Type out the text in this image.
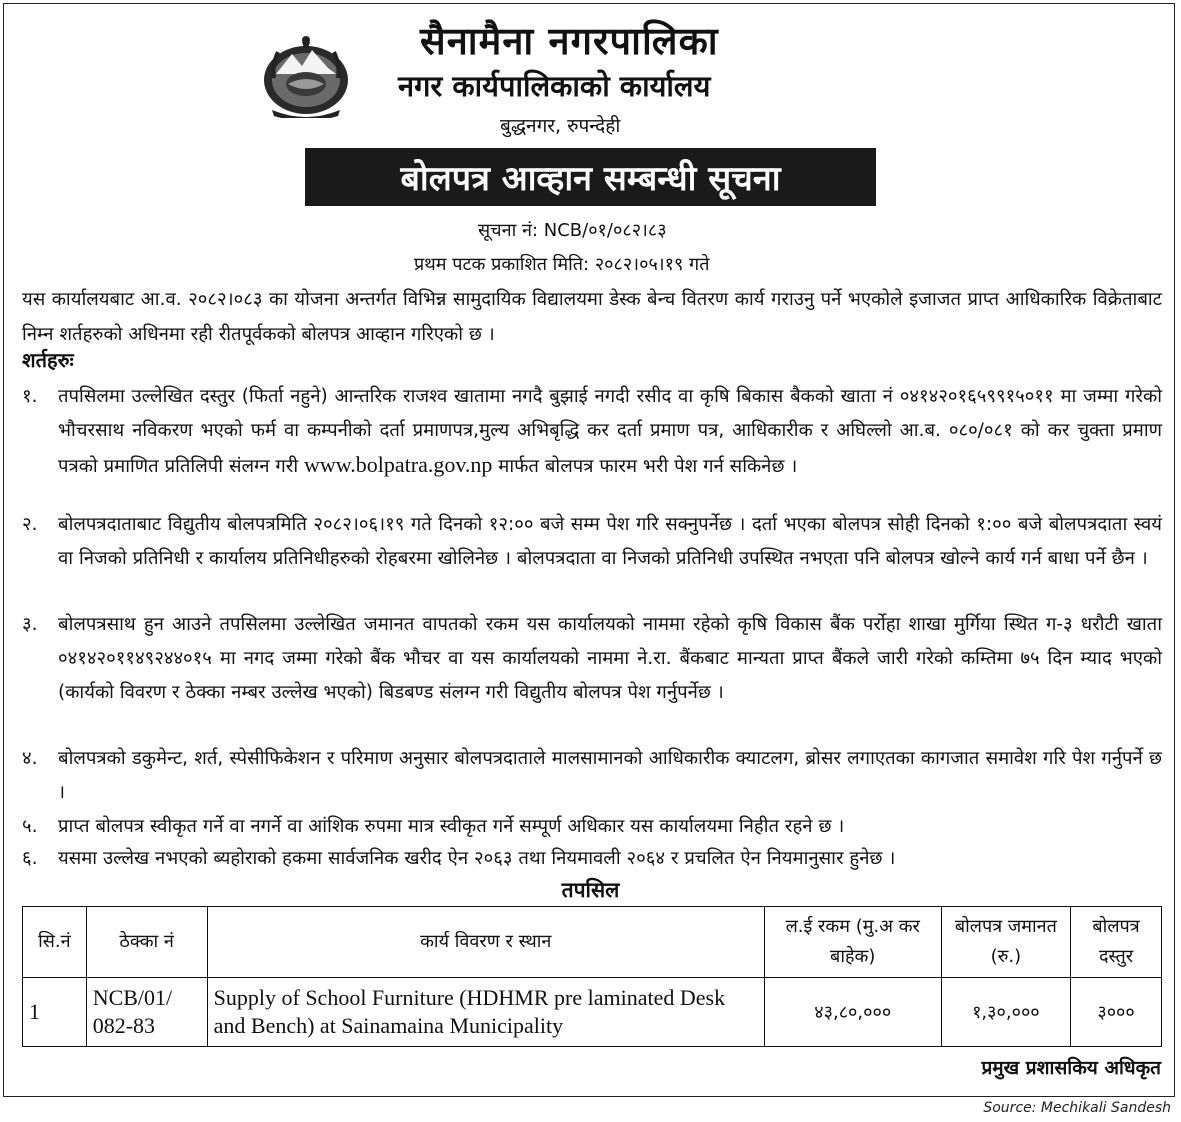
सैनामैना नगरपालिका
नगर कार्यपालिकाको कार्यालय
बुद्धनगर, रुपन्देही
बोलपत्र आव्हान सम्बन्धी सूचना
सूचना नं: NCB/०१/०८२।८३
प्रथम पटक प्रकाशित मिति: २०८२।०५।१९ गते
यस कार्यालयबाट आ.व. २०८२।०८३ का योजना अन्तर्गत विभिन्न सामुदायिक विद्यालयमा डेस्क बेन्च वितरण कार्य गराउनु पर्ने भएकोले इजाजत प्राप्त आधिकारिक विक्रेताबाट निम्न शर्तहरुको अधिनमा रही रीतपूर्वकको बोलपत्र आव्हान गरिएको छ ।
शर्तहरुः
१.	तपसिलमा उल्लेखित दस्तुर (फिर्ता नहुने) आन्तरिक राजश्व खातामा नगदै बुझाई नगदी रसीद वा कृषि बिकास बैकको खाता नं ०४१४२०१६५९९१५०११ मा जम्मा गरेको भौचरसाथ नविकरण भएको फर्म वा कम्पनीको दर्ता प्रमाणपत्र,मुल्य अभिबृद्धि कर दर्ता प्रमाण पत्र, आधिकारीक र अघिल्लो आ.ब. ०८०/०८१ को कर चुक्ता प्रमाण पत्रको प्रमाणित प्रतिलिपी संलग्न गरी www.bolpatra.gov.np मार्फत बोलपत्र फारम भरी पेश गर्न सकिनेछ ।
२.	बोलपत्रदाताबाट विद्युतीय बोलपत्रमिति २०८२।०६।१९ गते दिनको १२:०० बजे सम्म पेश गरि सक्नुपर्नेछ । दर्ता भएका बोलपत्र सोही दिनको १:०० बजे बोलपत्रदाता स्वयं वा निजको प्रतिनिधी र कार्यालय प्रतिनिधीहरुको रोहबरमा खोलिनेछ । बोलपत्रदाता वा निजको प्रतिनिधी उपस्थित नभएता पनि बोलपत्र खोल्ने कार्य गर्न बाधा पर्ने छैन ।
३.	बोलपत्रसाथ हुन आउने तपसिलमा उल्लेखित जमानत वापतको रकम यस कार्यालयको नाममा रहेको कृषि विकास बैंक पर्रोहा शाखा मुर्गिया स्थित ग-३ धरौटी खाता ०४१४२०११४९२४४०१५ मा नगद जम्मा गरेको बैंक भौचर वा यस कार्यालयको नाममा ने.रा. बैंकबाट मान्यता प्राप्त बैंकले जारी गरेको कम्तिमा ७५ दिन म्याद भएको (कार्यको विवरण र ठेक्का नम्बर उल्लेख भएको) बिडबण्ड संलग्न गरी विद्युतीय बोलपत्र पेश गर्नुपर्नेछ ।
४.	बोलपत्रको डकुमेन्ट, शर्त, स्पेसीफिकेशन र परिमाण अनुसार बोलपत्रदाताले मालसामानको आधिकारीक क्याटलग, ब्रोसर लगाएतका कागजात समावेश गरि पेश गर्नुपर्ने छ ।
५.	प्राप्त बोलपत्र स्वीकृत गर्ने वा नगर्ने वा आंशिक रुपमा मात्र स्वीकृत गर्ने सम्पूर्ण अधिकार यस कार्यालयमा निहीत रहने छ ।
६.	यसमा उल्लेख नभएको ब्यहोराको हकमा सार्वजनिक खरीद ऐन २०६३ तथा नियमावली २०६४ र प्रचलित ऐन नियमानुसार हुनेछ ।
तपसिल
सि.नं	ठेक्का नं	कार्य विवरण र स्थान	ल.ई रकम (मु.अ कर बाहेक)	बोलपत्र जमानत (रु.)	बोलपत्र दस्तुर
1	NCB/01/ 082-83	Supply of School Furniture (HDHMR pre laminated Desk and Bench) at Sainamaina Municipality	४३,८०,०००	१,३०,०००	३०००
प्रमुख प्रशासकिय अधिकृत
Source: Mechikali Sandesh
